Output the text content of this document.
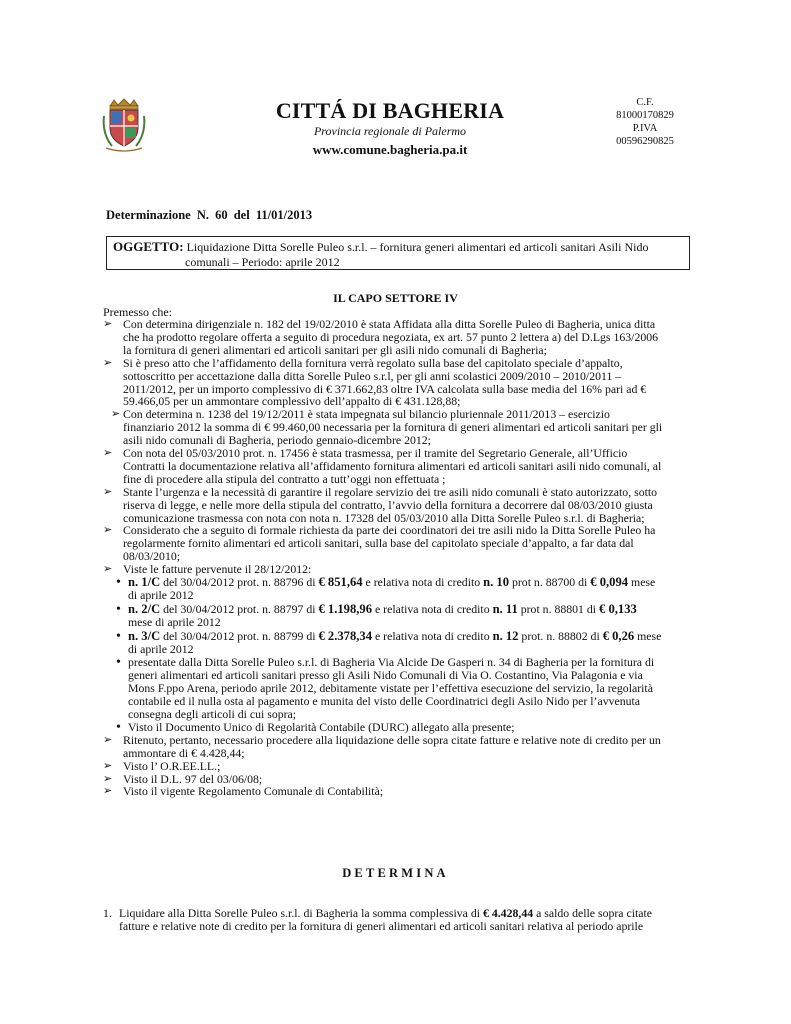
CITTÁ DI BAGHERIA
Provincia regionale di Palermo
www.comune.bagheria.pa.it
C.F.
81000170829
P.IVA
00596290825
Determinazione N. 60 del 11/01/2013
OGGETTO: Liquidazione Ditta Sorelle Puleo s.r.l. – fornitura generi alimentari ed articoli sanitari Asili Nido
comunali – Periodo: aprile 2012
IL CAPO SETTORE IV
Premesso che:
➢ Con determina dirigenziale n. 182 del 19/02/2010 è stata Affidata alla ditta Sorelle Puleo di Bagheria, unica ditta
che ha prodotto regolare offerta a seguito di procedura negoziata, ex art. 57 punto 2 lettera a) del D.Lgs 163/2006
la fornitura di generi alimentari ed articoli sanitari per gli asili nido comunali di Bagheria;
➢ Si è preso atto che l’affidamento della fornitura verrà regolato sulla base del capitolato speciale d’appalto,
sottoscritto per accettazione dalla ditta Sorelle Puleo s.r.l, per gli anni scolastici 2009/2010 – 2010/2011 –
2011/2012, per un importo complessivo di € 371.662,83 oltre IVA calcolata sulla base media del 16% pari ad €
59.466,05 per un ammontare complessivo dell’appalto di € 431.128,88;
➢ Con determina n. 1238 del 19/12/2011 è stata impegnata sul bilancio pluriennale 2011/2013 – esercizio
finanziario 2012 la somma di € 99.460,00 necessaria per la fornitura di generi alimentari ed articoli sanitari per gli
asili nido comunali di Bagheria, periodo gennaio-dicembre 2012;
➢ Con nota del 05/03/2010 prot. n. 17456 è stata trasmessa, per il tramite del Segretario Generale, all’Ufficio
Contratti la documentazione relativa all’affidamento fornitura alimentari ed articoli sanitari asili nido comunali, al
fine di procedere alla stipula del contratto a tutt’oggi non effettuata ;
➢ Stante l’urgenza e la necessità di garantire il regolare servizio dei tre asili nido comunali è stato autorizzato, sotto
riserva di legge, e nelle more della stipula del contratto, l’avvio della fornitura a decorrere dal 08/03/2010 giusta
comunicazione trasmessa con nota con nota n. 17328 del 05/03/2010 alla Ditta Sorelle Puleo s.r.l. di Bagheria;
➢ Considerato che a seguito di formale richiesta da parte dei coordinatori dei tre asili nido la Ditta Sorelle Puleo ha
regolarmente fornito alimentari ed articoli sanitari, sulla base del capitolato speciale d’appalto, a far data dal
08/03/2010;
➢ Viste le fatture pervenute il 28/12/2012:
• n. 1/C del 30/04/2012 prot. n. 88796 di € 851,64 e relativa nota di credito n. 10 prot n. 88700 di € 0,094 mese
di aprile 2012
• n. 2/C del 30/04/2012 prot. n. 88797 di € 1.198,96 e relativa nota di credito n. 11 prot n. 88801 di € 0,133
mese di aprile 2012
• n. 3/C del 30/04/2012 prot. n. 88799 di € 2.378,34 e relativa nota di credito n. 12 prot. n. 88802 di € 0,26 mese
di aprile 2012
• presentate dalla Ditta Sorelle Puleo s.r.l. di Bagheria Via Alcide De Gasperi n. 34 di Bagheria per la fornitura di
generi alimentari ed articoli sanitari presso gli Asili Nido Comunali di Via O. Costantino, Via Palagonia e via
Mons F.ppo Arena, periodo aprile 2012, debitamente vistate per l’effettiva esecuzione del servizio, la regolarità
contabile ed il nulla osta al pagamento e munita del visto delle Coordinatrici degli Asilo Nido per l’avvenuta
consegna degli articoli di cui sopra;
• Visto il Documento Unico di Regolarità Contabile (DURC) allegato alla presente;
➢ Ritenuto, pertanto, necessario procedere alla liquidazione delle sopra citate fatture e relative note di credito per un
ammontare di € 4.428,44;
➢ Visto l’ O.R.EE.LL.;
➢ Visto il D.L. 97 del 03/06/08;
➢ Visto il vigente Regolamento Comunale di Contabilità;
DETERMINA
1. Liquidare alla Ditta Sorelle Puleo s.r.l. di Bagheria la somma complessiva di € 4.428,44 a saldo delle sopra citate
fatture e relative note di credito per la fornitura di generi alimentari ed articoli sanitari relativa al periodo aprile
